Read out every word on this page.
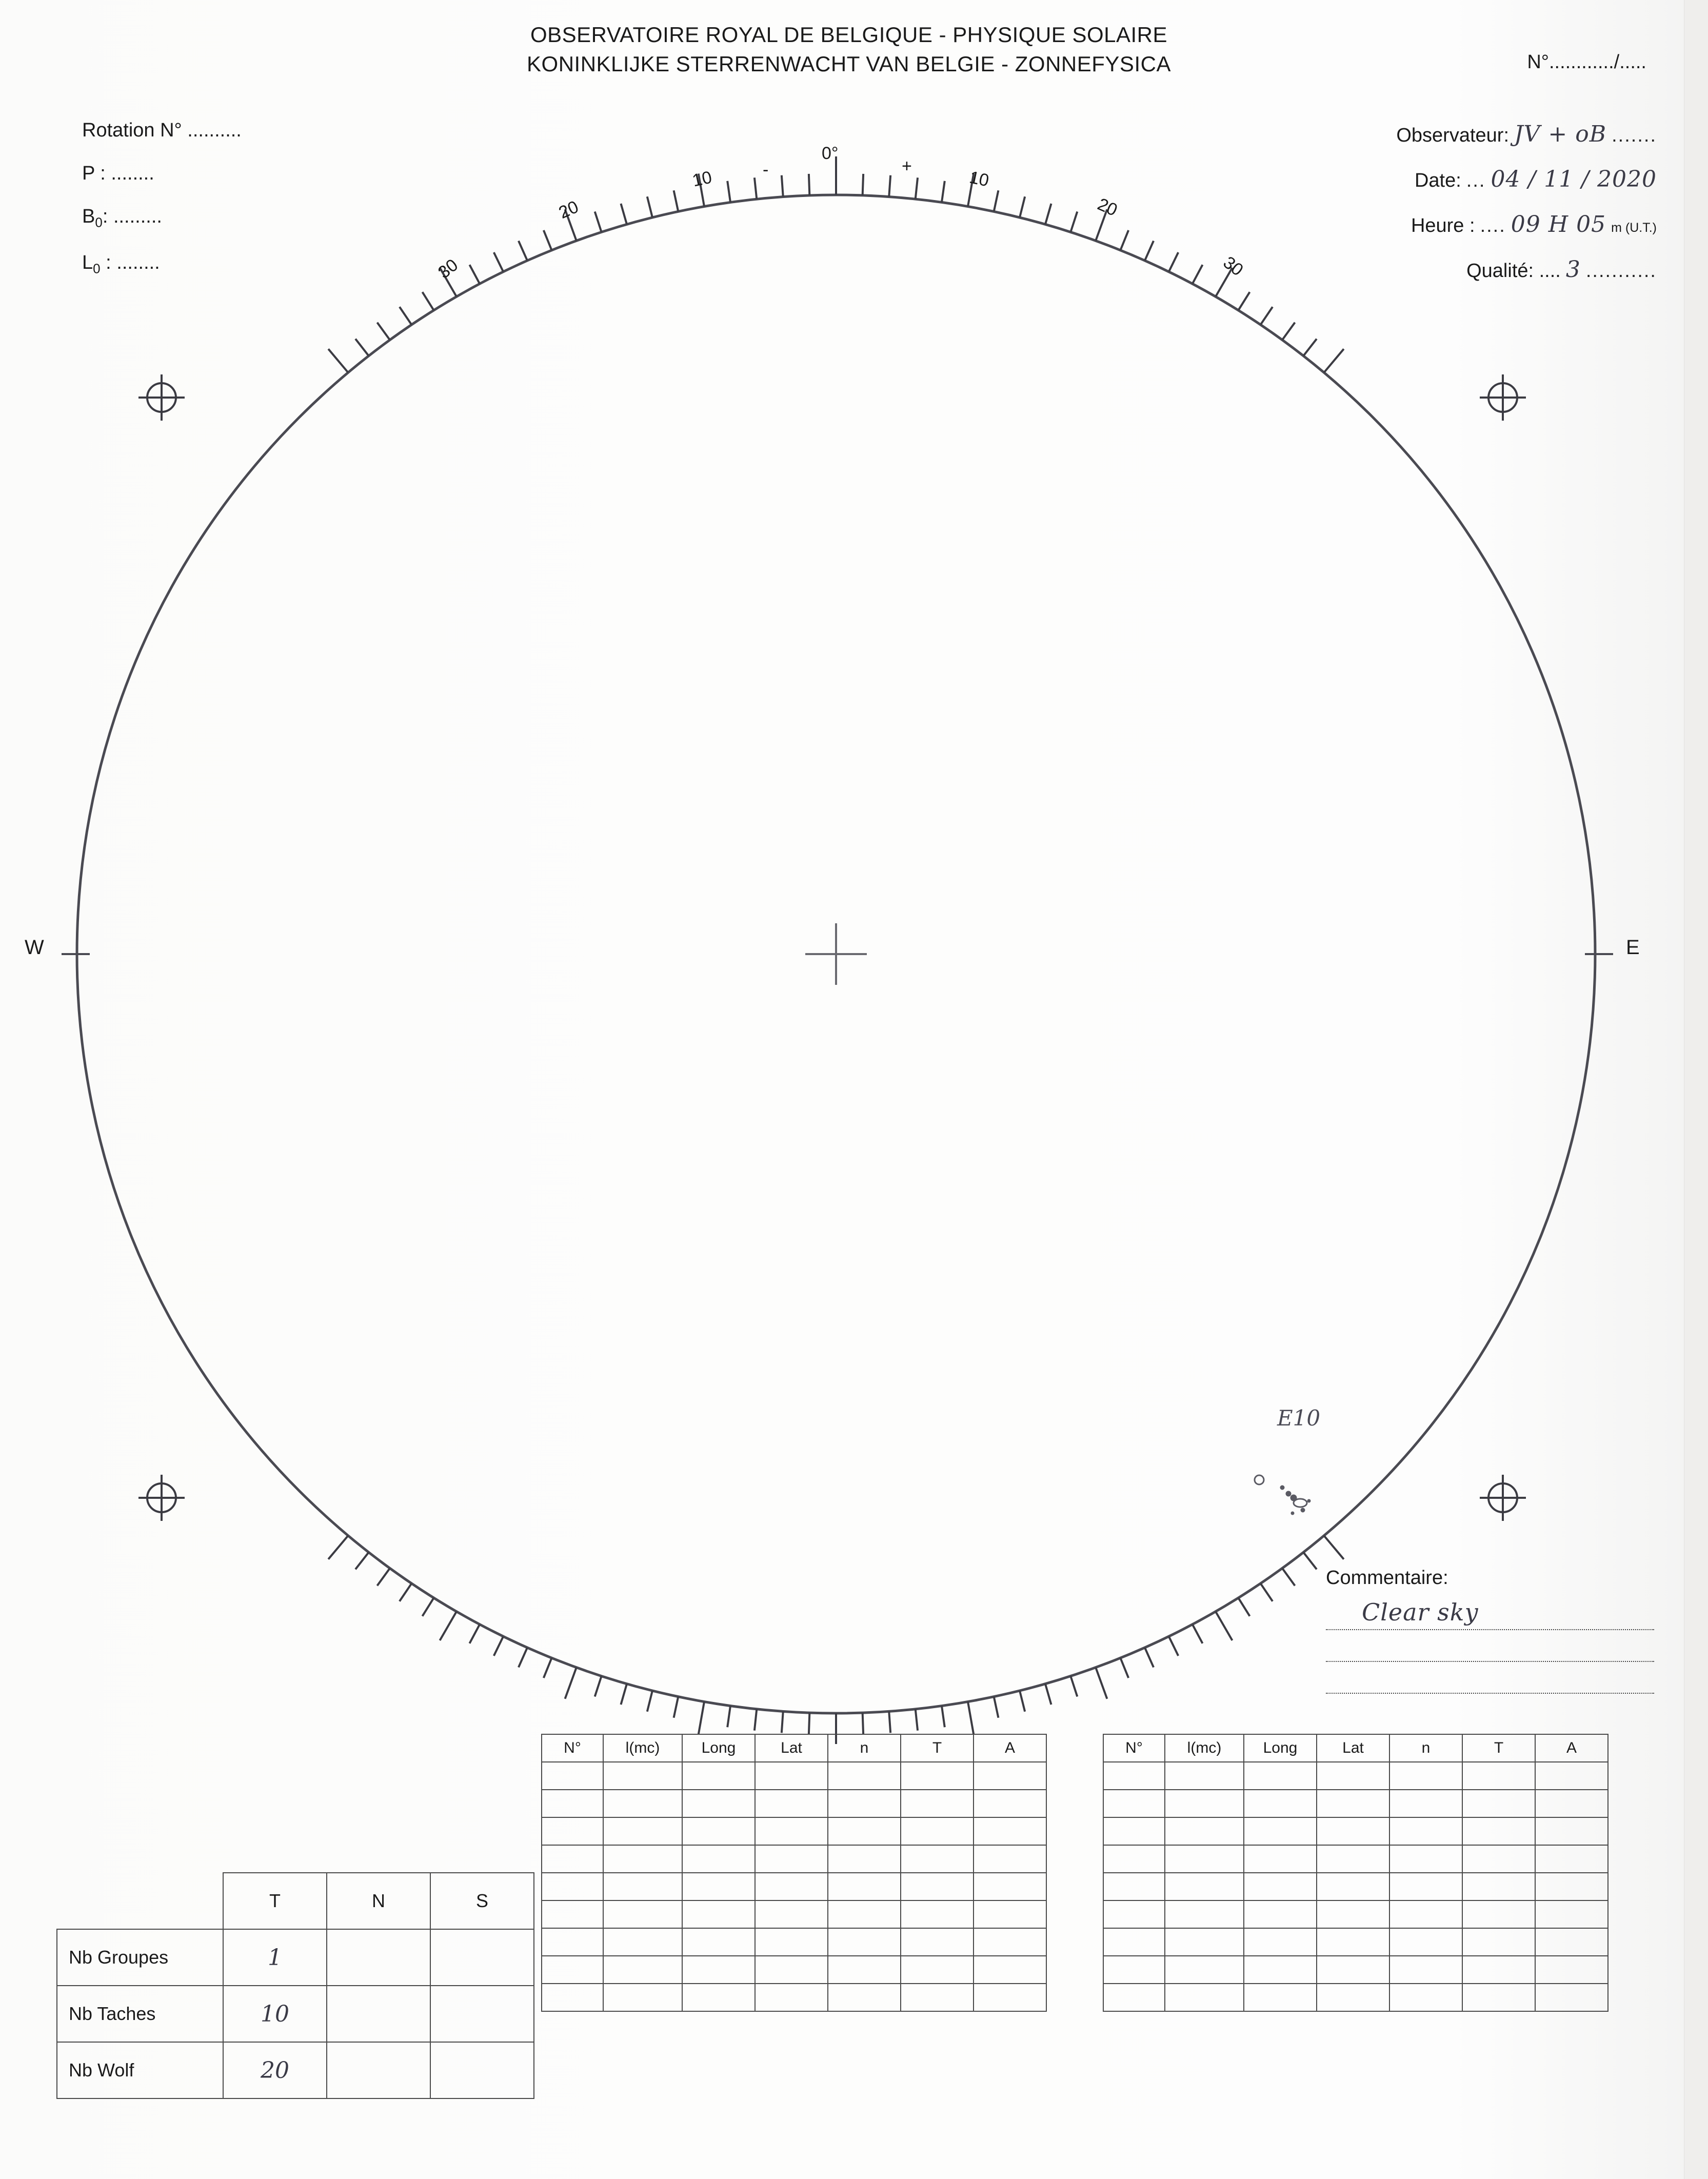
OBSERVATOIRE ROYAL DE BELGIQUE - PHYSIQUE SOLAIRE
KONINKLIJKE STERRENWACHT VAN BELGIE - ZONNEFYSICA	N°............/.....
Rotation N° ..........
P : ........
$B_0$: .........
$L_0$ : ........
Observateur: JV + oB .......
Date: ... 04 / 11 / 2020
Heure : .... 09 H 05 m (U.T.)
Qualité: .... 3 ...........
0°
-	+
10
20
30
10
20
30
W	E
E10
Commentaire:
Clear sky
N°	l(mc)	Long	Lat	n	T	A

							N°	l(mc)	Long	Lat	n	T	A

	T	N	S
Nb Groupes	1		
Nb Taches	10		
Nb Wolf	20		
